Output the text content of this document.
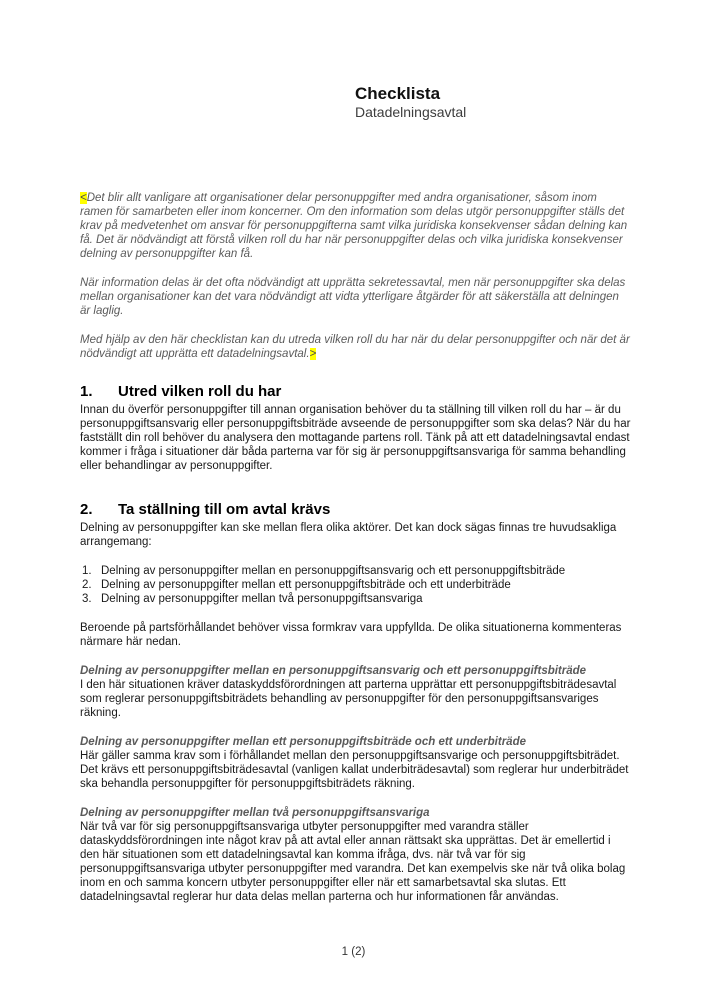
Checklista
Datadelningsavtal

<Det blir allt vanligare att organisationer delar personuppgifter med andra organisationer, såsom inom ramen för samarbeten eller inom koncerner. Om den information som delas utgör personuppgifter ställs det krav på medvetenhet om ansvar för personuppgifterna samt vilka juridiska konsekvenser sådan delning kan få. Det är nödvändigt att förstå vilken roll du har när personuppgifter delas och vilka juridiska konsekvenser delning av personuppgifter kan få.

När information delas är det ofta nödvändigt att upprätta sekretessavtal, men när personuppgifter ska delas mellan organisationer kan det vara nödvändigt att vidta ytterligare åtgärder för att säkerställa att delningen är laglig.

Med hjälp av den här checklistan kan du utreda vilken roll du har när du delar personuppgifter och när det är nödvändigt att upprätta ett datadelningsavtal.>

1.	Utred vilken roll du har

Innan du överför personuppgifter till annan organisation behöver du ta ställning till vilken roll du har – är du personuppgiftsansvarig eller personuppgiftsbiträde avseende de personuppgifter som ska delas? När du har fastställt din roll behöver du analysera den mottagande partens roll. Tänk på att ett datadelningsavtal endast kommer i fråga i situationer där båda parterna var för sig är personuppgiftsansvariga för samma behandling eller behandlingar av personuppgifter.

2.	Ta ställning till om avtal krävs

Delning av personuppgifter kan ske mellan flera olika aktörer. Det kan dock sägas finnas tre huvudsakliga arrangemang:

1. Delning av personuppgifter mellan en personuppgiftsansvarig och ett personuppgiftsbiträde
2. Delning av personuppgifter mellan ett personuppgiftsbiträde och ett underbiträde
3. Delning av personuppgifter mellan två personuppgiftsansvariga

Beroende på partsförhållandet behöver vissa formkrav vara uppfyllda. De olika situationerna kommenteras närmare här nedan.

Delning av personuppgifter mellan en personuppgiftsansvarig och ett personuppgiftsbiträde

I den här situationen kräver dataskyddsförordningen att parterna upprättar ett personuppgiftsbiträdesavtal som reglerar personuppgiftsbiträdets behandling av personuppgifter för den personuppgiftsansvariges räkning.

Delning av personuppgifter mellan ett personuppgiftsbiträde och ett underbiträde

Här gäller samma krav som i förhållandet mellan den personuppgiftsansvarige och personuppgiftsbiträdet. Det krävs ett personuppgiftsbiträdesavtal (vanligen kallat underbiträdesavtal) som reglerar hur underbiträdet ska behandla personuppgifter för personuppgiftsbiträdets räkning.

Delning av personuppgifter mellan två personuppgiftsansvariga

När två var för sig personuppgiftsansvariga utbyter personuppgifter med varandra ställer dataskyddsförordningen inte något krav på att avtal eller annan rättsakt ska upprättas. Det är emellertid i den här situationen som ett datadelningsavtal kan komma ifråga, dvs. när två var för sig personuppgiftsansvariga utbyter personuppgifter med varandra. Det kan exempelvis ske när två olika bolag inom en och samma koncern utbyter personuppgifter eller när ett samarbetsavtal ska slutas. Ett datadelningsavtal reglerar hur data delas mellan parterna och hur informationen får användas.

1 (2)
